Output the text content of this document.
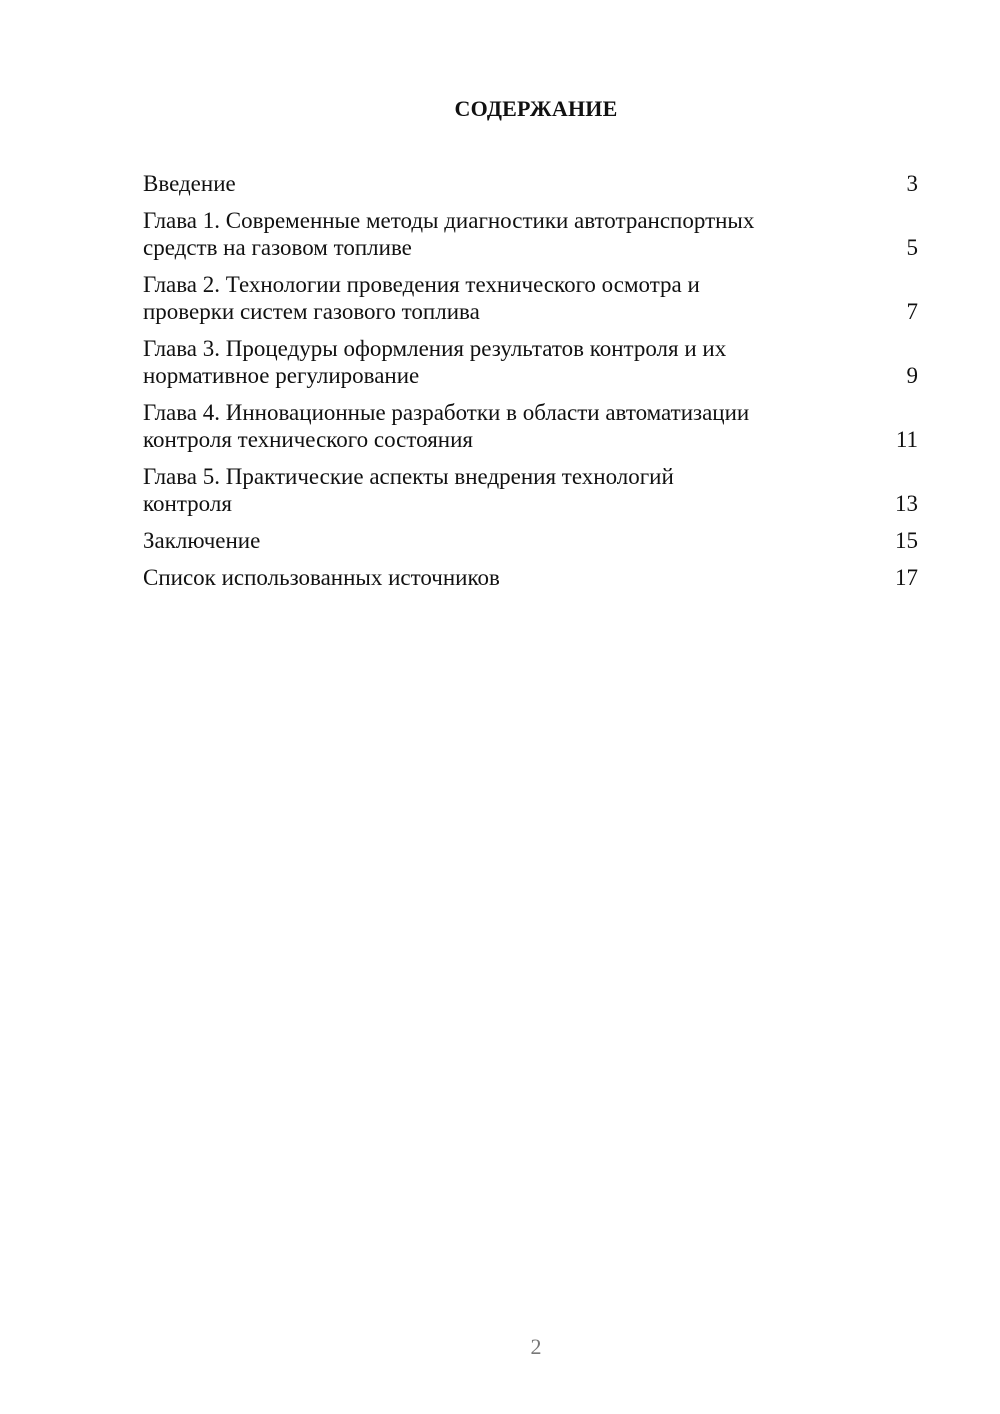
СОДЕРЖАНИЕ
Введение	3
Глава 1. Современные методы диагностики автотранспортных
средств на газовом топливе	5
Глава 2. Технологии проведения технического осмотра и
проверки систем газового топлива	7
Глава 3. Процедуры оформления результатов контроля и их
нормативное регулирование	9
Глава 4. Инновационные разработки в области автоматизации
контроля технического состояния	11
Глава 5. Практические аспекты внедрения технологий
контроля	13
Заключение	15
Список использованных источников	17
2
